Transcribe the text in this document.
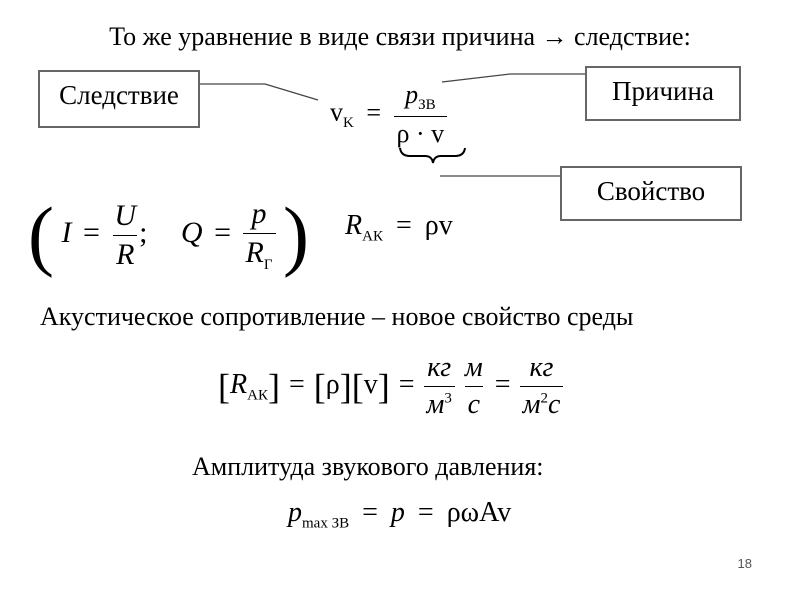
То же уравнение в виде связи причина → следствие:
Следствие	Причина
Свойство
$v_K = \frac{p_{ЗВ}}{\rho \cdot v}$
( $I = \frac{U}{R}$ ; $Q = \frac{p}{R_Г}$ ) $R_{АК} = \rho v$
Акустическое сопротивление – новое свойство среды
$[R_{АК}] = [\rho][v] = \frac{кг}{м^3}$
$\frac{м}{с} = \frac{кг}{м^2с}$
Амплитуда звукового давления:
$p_{max ЗВ} = p = \rho\omega Av$
18
